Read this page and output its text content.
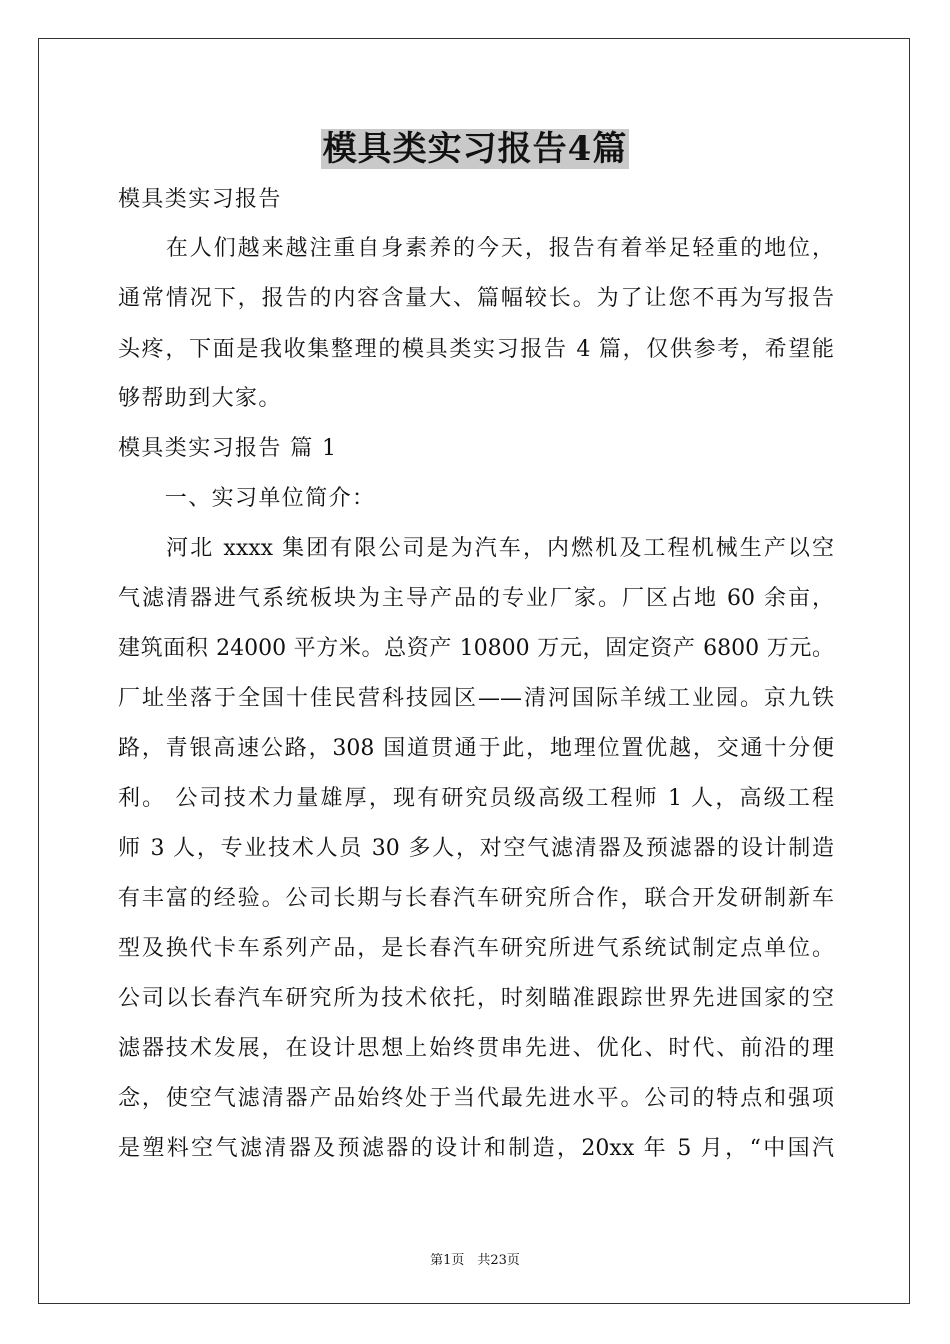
模具类实习报告4篇
模具类实习报告
　　在人们越来越注重自身素养的今天，报告有着举足轻重的地位，
通常情况下，报告的内容含量大、篇幅较长。为了让您不再为写报告
头疼，下面是我收集整理的模具类实习报告 4 篇，仅供参考，希望能
够帮助到大家。
模具类实习报告 篇 1
　　一、实习单位简介：
　　河北 xxxx 集团有限公司是为汽车，内燃机及工程机械生产以空
气滤清器进气系统板块为主导产品的专业厂家。厂区占地 60 余亩，
建筑面积 24000 平方米。总资产 10800 万元，固定资产 6800 万元。
厂址坐落于全国十佳民营科技园区——清河国际羊绒工业园。京九铁
路，青银高速公路，308 国道贯通于此，地理位置优越，交通十分便
利。 公司技术力量雄厚，现有研究员级高级工程师 1 人，高级工程
师 3 人，专业技术人员 30 多人，对空气滤清器及预滤器的设计制造
有丰富的经验。公司长期与长春汽车研究所合作，联合开发研制新车
型及换代卡车系列产品，是长春汽车研究所进气系统试制定点单位。
公司以长春汽车研究所为技术依托，时刻瞄准跟踪世界先进国家的空
滤器技术发展，在设计思想上始终贯串先进、优化、时代、前沿的理
念，使空气滤清器产品始终处于当代最先进水平。公司的特点和强项
是塑料空气滤清器及预滤器的设计和制造，20xx 年 5 月，“中国汽
第1页　共23页
